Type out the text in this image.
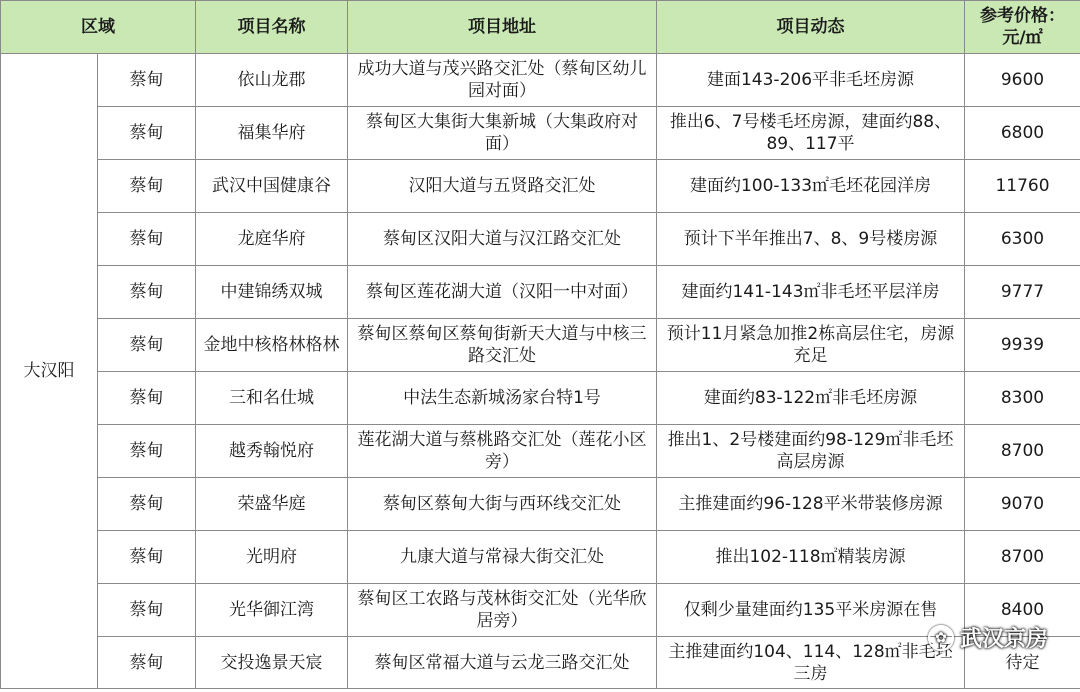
区域		项目名称	项目地址	项目动态	参考价格：
元/㎡
大汉阳	蔡甸	依山龙郡	成功大道与茂兴路交汇处（蔡甸区幼儿园对面）	建面143-206平非毛坯房源	9600
	蔡甸	福集华府	蔡甸区大集街大集新城（大集政府对面）	推出6、7号楼毛坯房源，建面约88、89、117平	6800
	蔡甸	武汉中国健康谷	汉阳大道与五贤路交汇处	建面约100-133㎡毛坯花园洋房	11760
	蔡甸	龙庭华府	蔡甸区汉阳大道与汉江路交汇处	预计下半年推出7、8、9号楼房源	6300
	蔡甸	中建锦绣双城	蔡甸区莲花湖大道（汉阳一中对面）	建面约141-143㎡非毛坯平层洋房	9777
	蔡甸	金地中核格林格林	蔡甸区蔡甸区蔡甸街新天大道与中核三路交汇处	预计11月紧急加推2栋高层住宅，房源充足	9939
	蔡甸	三和名仕城	中法生态新城汤家台特1号	建面约83-122㎡非毛坯房源	8300
	蔡甸	越秀翰悦府	莲花湖大道与蔡桃路交汇处（莲花小区旁）	推出1、2号楼建面约98-129㎡非毛坯高层房源	8700
	蔡甸	荣盛华庭	蔡甸区蔡甸大街与西环线交汇处	主推建面约96-128平米带装修房源	9070
	蔡甸	光明府	九康大道与常禄大街交汇处	推出102-118㎡精装房源	8700
	蔡甸	光华御江湾	蔡甸区工农路与茂林街交汇处（光华欣居旁）	仅剩少量建面约135平米房源在售	8400
	蔡甸	交投逸景天宸	蔡甸区常福大道与云龙三路交汇处	主推建面约104、114、128㎡非毛坯三房	待定
✿ 武汉京房
